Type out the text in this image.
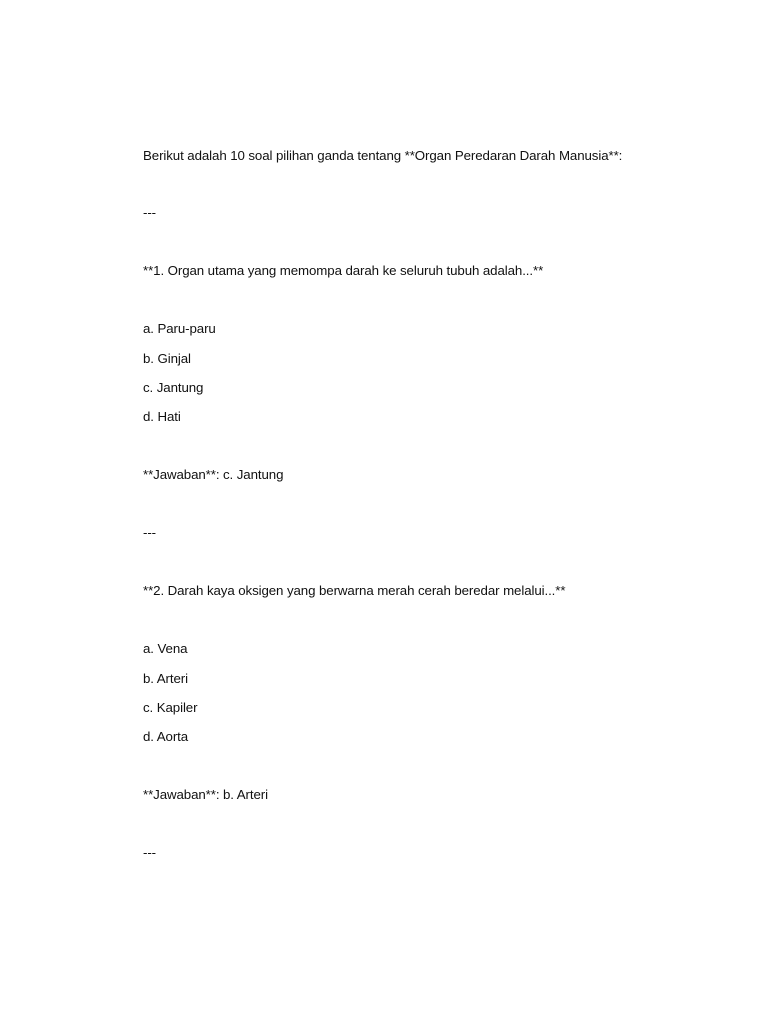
Berikut adalah 10 soal pilihan ganda tentang **Organ Peredaran Darah Manusia**:
---
**1. Organ utama yang memompa darah ke seluruh tubuh adalah...**
a. Paru-paru
b. Ginjal
c. Jantung
d. Hati
**Jawaban**: c. Jantung
---
**2. Darah kaya oksigen yang berwarna merah cerah beredar melalui...**
a. Vena
b. Arteri
c. Kapiler
d. Aorta
**Jawaban**: b. Arteri
---
